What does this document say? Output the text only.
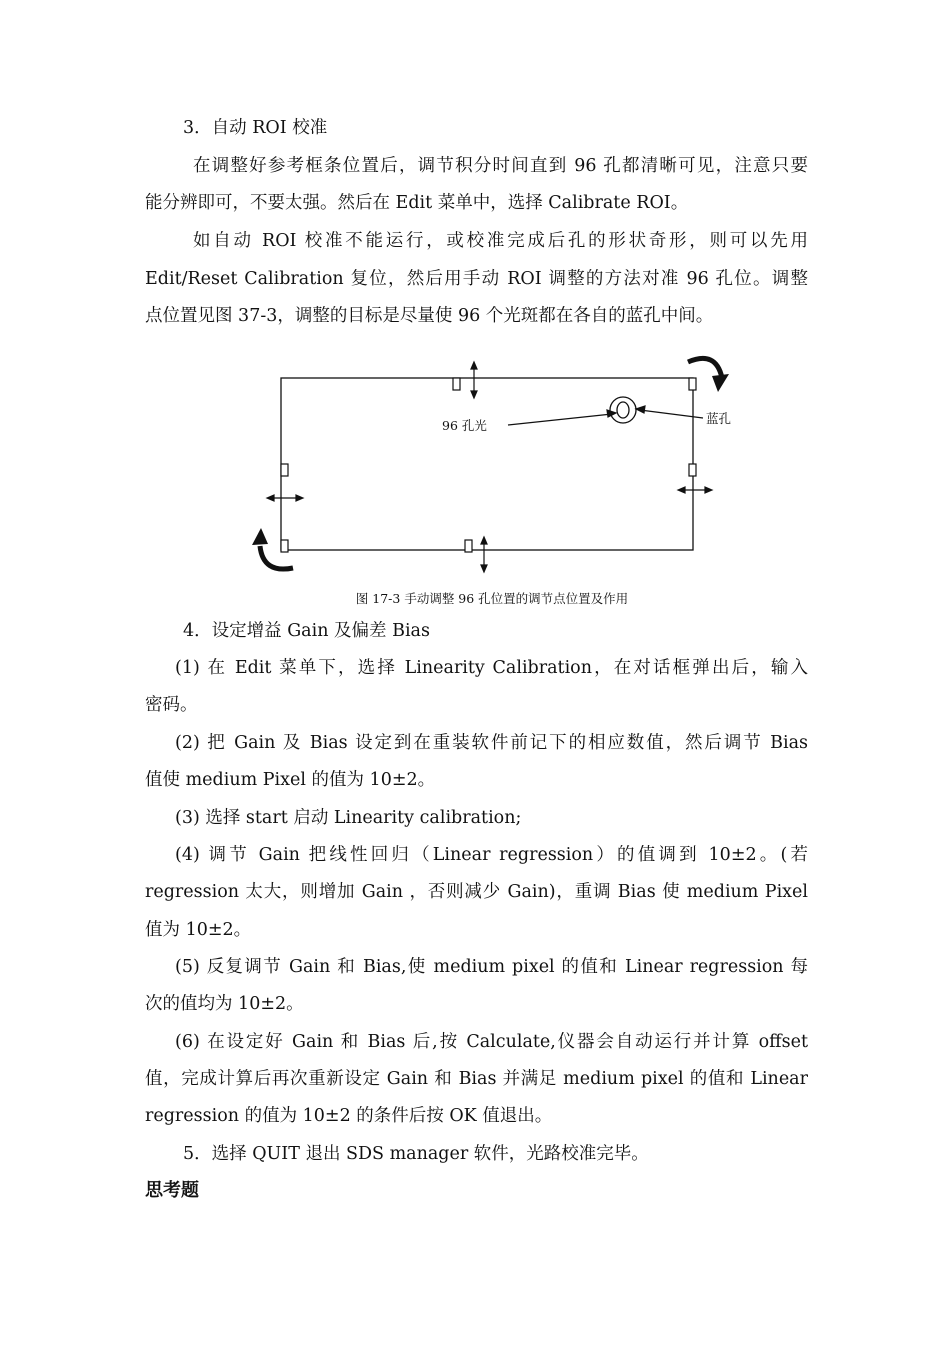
3．自动 ROI 校准
在调整好参考框条位置后，调节积分时间直到 96 孔都清晰可见，注意只要
能分辨即可，不要太强。然后在 Edit 菜单中，选择 Calibrate ROI。
如自动 ROI 校准不能运行，或校准完成后孔的形状奇形，则可以先用
Edit/Reset Calibration 复位，然后用手动 ROI 调整的方法对准 96 孔位。调整
点位置见图 37-3，调整的目标是尽量使 96 个光斑都在各自的蓝孔中间。
96 孔光	蓝孔
图 17-3 手动调整 96 孔位置的调节点位置及作用
4．设定增益 Gain 及偏差 Bias
(1) 在 Edit 菜单下，选择 Linearity Calibration，在对话框弹出后，输入
密码。
(2) 把 Gain 及 Bias 设定到在重装软件前记下的相应数值，然后调节 Bias
值使 medium Pixel 的值为 10±2。
(3) 选择 start 启动 Linearity calibration;
(4) 调节 Gain 把线性回归（Linear regression）的值调到 10±2。(若
regression 太大，则增加 Gain ，否则减少 Gain)，重调 Bias 使 medium Pixel
值为 10±2。
(5) 反复调节 Gain 和 Bias,使 medium pixel 的值和 Linear regression 每
次的值均为 10±2。
(6) 在设定好 Gain 和 Bias 后,按 Calculate,仪器会自动运行并计算 offset
值，完成计算后再次重新设定 Gain 和 Bias 并满足 medium pixel 的值和 Linear
regression 的值为 10±2 的条件后按 OK 值退出。
5．选择 QUIT 退出 SDS manager 软件，光路校准完毕。
思考题
